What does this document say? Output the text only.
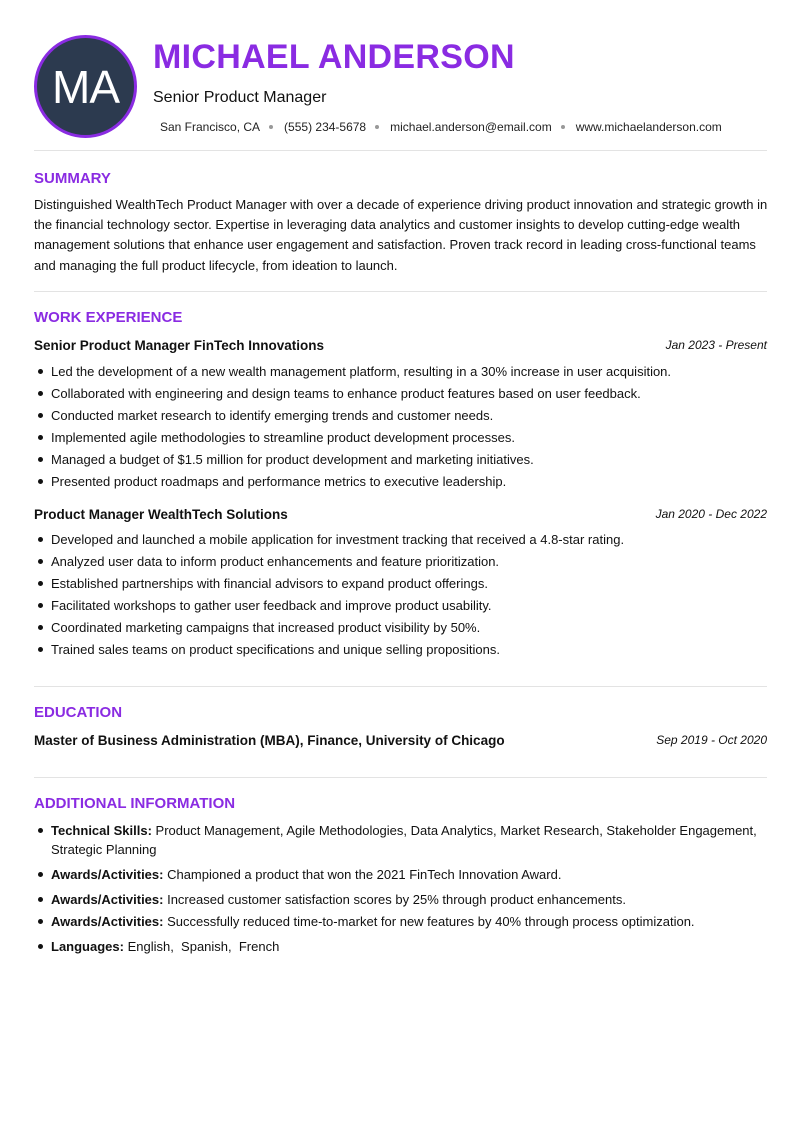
MA
MICHAEL ANDERSON
Senior Product Manager
San Francisco, CA (555) 234-5678 michael.anderson@email.com www.michaelanderson.com
SUMMARY
Distinguished WealthTech Product Manager with over a decade of experience driving product innovation and strategic growth in the financial technology sector. Expertise in leveraging data analytics and customer insights to develop cutting-edge wealth management solutions that enhance user engagement and satisfaction. Proven track record in leading cross-functional teams and managing the full product lifecycle, from ideation to launch.
WORK EXPERIENCE
Senior Product Manager FinTech Innovations	Jan 2023 - Present
Led the development of a new wealth management platform, resulting in a 30% increase in user acquisition.
Collaborated with engineering and design teams to enhance product features based on user feedback.
Conducted market research to identify emerging trends and customer needs.
Implemented agile methodologies to streamline product development processes.
Managed a budget of $1.5 million for product development and marketing initiatives.
Presented product roadmaps and performance metrics to executive leadership.
Product Manager WealthTech Solutions	Jan 2020 - Dec 2022
Developed and launched a mobile application for investment tracking that received a 4.8-star rating.
Analyzed user data to inform product enhancements and feature prioritization.
Established partnerships with financial advisors to expand product offerings.
Facilitated workshops to gather user feedback and improve product usability.
Coordinated marketing campaigns that increased product visibility by 50%.
Trained sales teams on product specifications and unique selling propositions.
EDUCATION
Master of Business Administration (MBA), Finance, University of Chicago	Sep 2019 - Oct 2020
ADDITIONAL INFORMATION
Technical Skills: Product Management, Agile Methodologies, Data Analytics, Market Research, Stakeholder Engagement, Strategic Planning
Awards/Activities: Championed a product that won the 2021 FinTech Innovation Award.
Awards/Activities: Increased customer satisfaction scores by 25% through product enhancements.
Awards/Activities: Successfully reduced time-to-market for new features by 40% through process optimization.
Languages: English,  Spanish,  French
